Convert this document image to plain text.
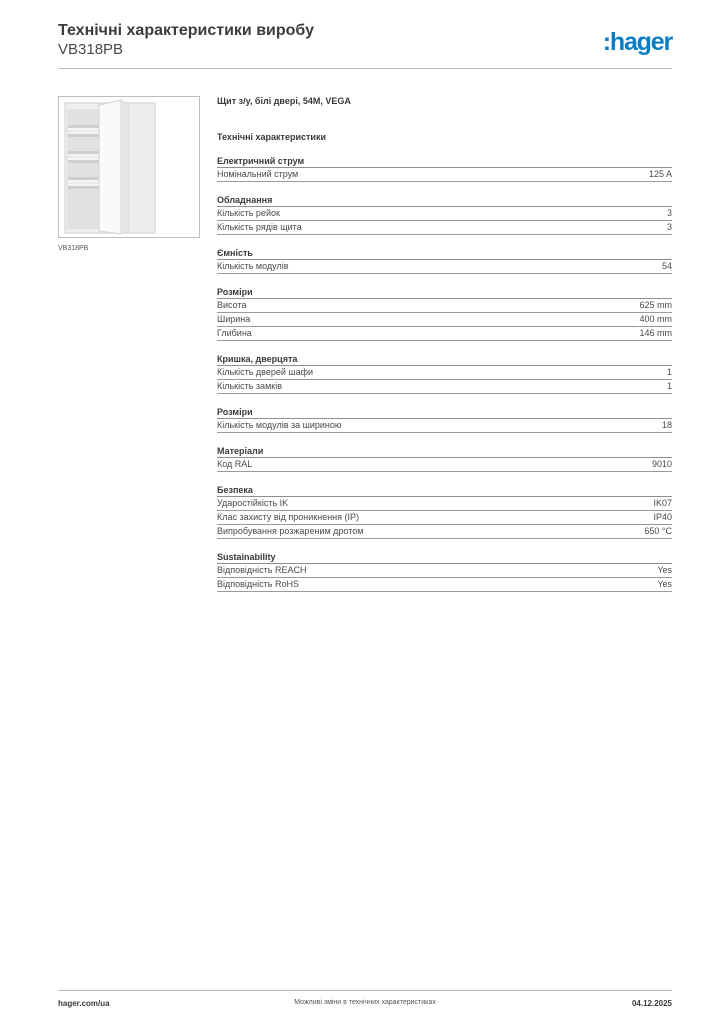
Технічні характеристики виробу
VB318PB	:hager
VB318PB
Щит з/у, білі двері, 54M, VEGA
Технічні характеристики
Електричний струм
Номінальний струм	125 A
Обладнання
Кількість рейок	3
Кількість рядів щита	3
Ємність
Кількість модулів	54
Розміри
Висота	625 mm
Ширина	400 mm
Глибина	146 mm
Кришка, дверцята
Кількість дверей шафи	1
Кількість замків	1
Розміри
Кількість модулів за шириною	18
Матеріали
Код RAL	9010
Безпека
Ударостійкість IK	IK07
Клас захисту від проникнення (IP)	IP40
Випробування розжареним дротом	650 °C
Sustainability
Відповідність REACH	Yes
Відповідність RoHS	Yes
hager.com/ua	Можливі зміни в технічних характеристиках	04.12.2025
